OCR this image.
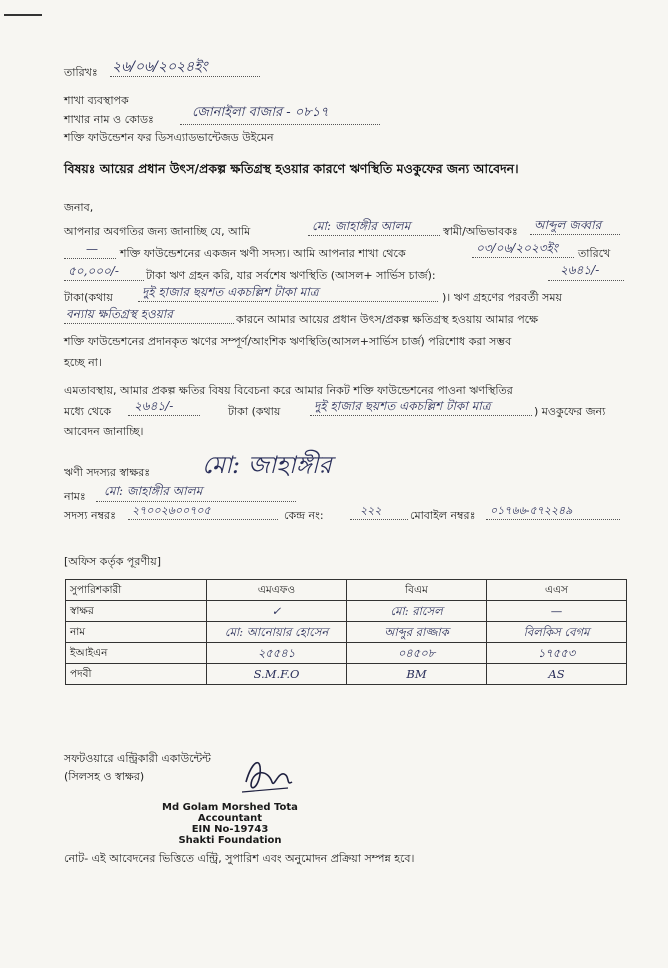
তারিখঃ ২৬/০৬/২০২৪ইং
শাখা ব্যবস্থাপক
শাখার নাম ও কোডঃ	জোনাইলা বাজার - ০৮১৭
শক্তি ফাউন্ডেশন ফর ডিসএ্যাডভান্টেজড উইমেন
বিষয়ঃ আয়ের প্রধান উৎস/প্রকল্প ক্ষতিগ্রস্থ হওয়ার কারণে ঋণস্থিতি মওকুফের জন্য আবেদন।
জনাব,
আপনার অবগতির জন্য জানাচ্ছি যে, আমি	মো: জাহাঙ্গীর আলম	স্বামী/অভিভাবকঃ আব্দুল জব্বার
— শক্তি ফাউন্ডেশনের একজন ঋণী সদস্য। আমি আপনার শাখা থেকে	০৩/০৬/২০২৩ইং তারিখে
৫০,০০০/- টাকা ঋণ গ্রহন করি, যার সর্বশেষ ঋণস্থিতি (আসল+ সার্ভিস চার্জ):	২৬৪১/-
টাকা(কথায় দুই হাজার ছয়শত একচল্লিশ টাকা মাত্র	)। ঋণ গ্রহণের পরবর্তী সময়
বন্যায় ক্ষতিগ্রস্থ হওয়ার	কারনে আমার আয়ের প্রধান উৎস/প্রকল্প ক্ষতিগ্রস্থ হওয়ায় আমার পক্ষে
শক্তি ফাউন্ডেশনের প্রদানকৃত ঋণের সম্পূর্ণ/আংশিক ঋণস্থিতি(আসল+সার্ভিস চার্জ) পরিশোধ করা সম্ভব
হচ্ছে না।
এমতাবস্থায়, আমার প্রকল্প ক্ষতির বিষয় বিবেচনা করে আমার নিকট শক্তি ফাউন্ডেশনের পাওনা ঋণস্থিতির
মধ্যে থেকে ২৬৪১/-	টাকা (কথায়	দুই হাজার ছয়শত একচল্লিশ টাকা মাত্র	) মওকুফের জন্য
আবেদন জানাচ্ছি।
ঋণী সদস্যর স্বাক্ষরঃ মো: জাহাঙ্গীর
নামঃ মো: জাহাঙ্গীর আলম
সদস্য নম্বরঃ ২৭০০২৬০০৭০৫	কেন্দ্র নং:	২২২	মোবাইল নম্বরঃ ০১৭৬৬-৫৭২২৪৯
[অফিস কর্তৃক পূরণীয়]
সুপারিশকারী	এমএফও	বিএম	এএস
স্বাক্ষর	✓	মো: রাসেল	—
নাম	মো: আনোয়ার হোসেন	আব্দুর রাজ্জাক	বিলকিস বেগম
ইআইএন	২৫৫৪১	০৪৫০৮	১৭৫৫৩
পদবী	S.M.F.O	BM	AS
সফটওয়ারে এন্ট্রিকারী একাউন্টেন্ট
(সিলসহ ও স্বাক্ষর)
Md Golam Morshed Tota
Accountant
EIN No-19743
Shakti Foundation
নোট- এই আবেদনের ভিত্তিতে এন্ট্রি, সুপারিশ এবং অনুমোদন প্রক্রিয়া সম্পন্ন হবে।
